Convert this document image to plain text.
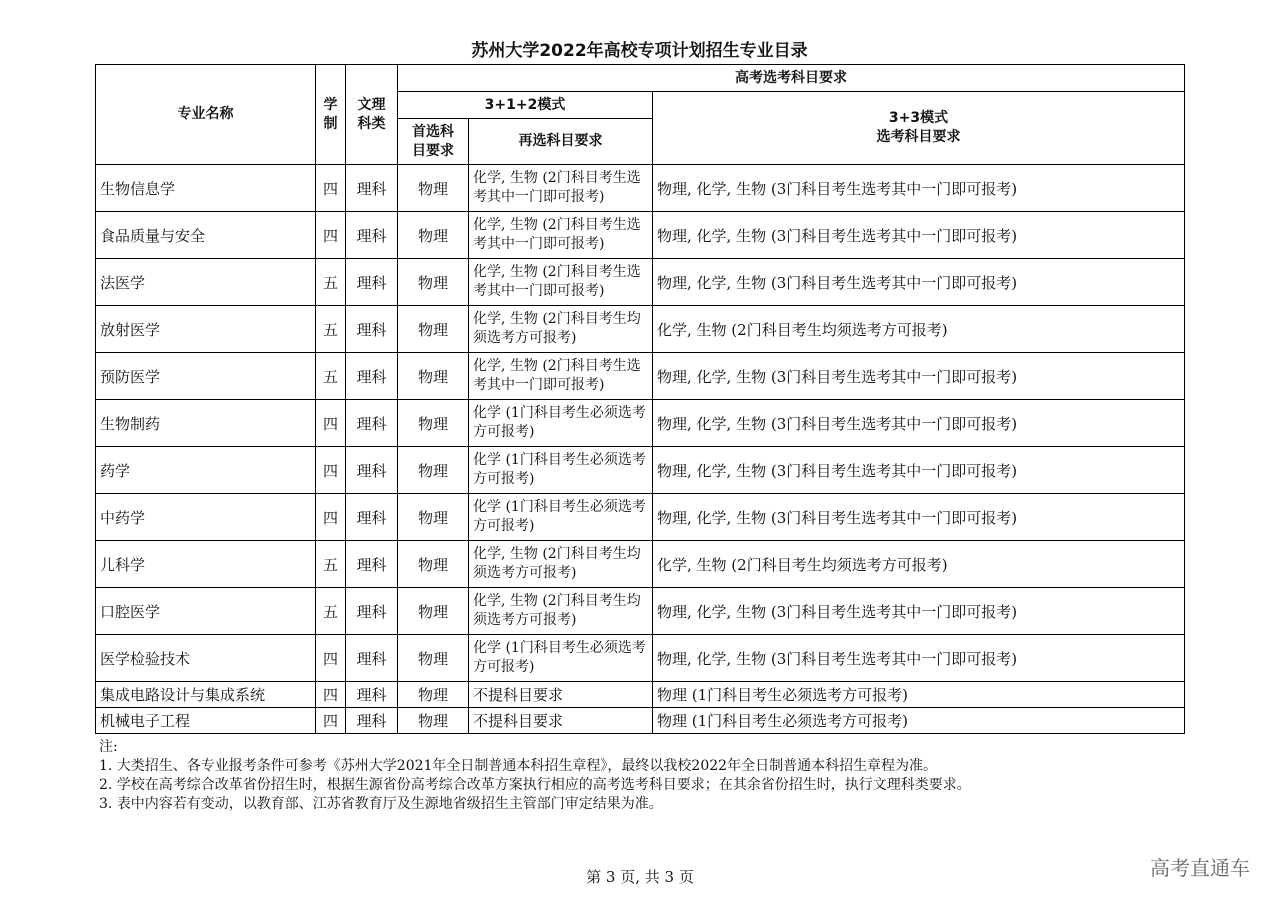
苏州大学2022年高校专项计划招生专业目录
专业名称	学制	文理科类	高考选考科目要求		
			3+1+2模式		3+3模式
选考科目要求

			首选科目要求	再选科目要求	
生物信息学	四	理科	物理	化学, 生物 (2门科目考生选考其中一门即可报考)	物理, 化学, 生物 (3门科目考生选考其中一门即可报考)
食品质量与安全	四	理科	物理	化学, 生物 (2门科目考生选考其中一门即可报考)	物理, 化学, 生物 (3门科目考生选考其中一门即可报考)
法医学	五	理科	物理	化学, 生物 (2门科目考生选考其中一门即可报考)	物理, 化学, 生物 (3门科目考生选考其中一门即可报考)
放射医学	五	理科	物理	化学, 生物 (2门科目考生均须选考方可报考)	化学, 生物 (2门科目考生均须选考方可报考)
预防医学	五	理科	物理	化学, 生物 (2门科目考生选考其中一门即可报考)	物理, 化学, 生物 (3门科目考生选考其中一门即可报考)
生物制药	四	理科	物理	化学 (1门科目考生必须选考方可报考)	物理, 化学, 生物 (3门科目考生选考其中一门即可报考)
药学	四	理科	物理	化学 (1门科目考生必须选考方可报考)	物理, 化学, 生物 (3门科目考生选考其中一门即可报考)
中药学	四	理科	物理	化学 (1门科目考生必须选考方可报考)	物理, 化学, 生物 (3门科目考生选考其中一门即可报考)
儿科学	五	理科	物理	化学, 生物 (2门科目考生均须选考方可报考)	化学, 生物 (2门科目考生均须选考方可报考)
口腔医学	五	理科	物理	化学, 生物 (2门科目考生均须选考方可报考)	物理, 化学, 生物 (3门科目考生选考其中一门即可报考)
医学检验技术	四	理科	物理	化学 (1门科目考生必须选考方可报考)	物理, 化学, 生物 (3门科目考生选考其中一门即可报考)
集成电路设计与集成系统	四	理科	物理	不提科目要求	物理 (1门科目考生必须选考方可报考)
机械电子工程	四	理科	物理	不提科目要求	物理 (1门科目考生必须选考方可报考)
注:
1. 大类招生、各专业报考条件可参考《苏州大学2021年全日制普通本科招生章程》，最终以我校2022年全日制普通本科招生章程为准。
2. 学校在高考综合改革省份招生时，根据生源省份高考综合改革方案执行相应的高考选考科目要求；在其余省份招生时，执行文理科类要求。
3. 表中内容若有变动，以教育部、江苏省教育厅及生源地省级招生主管部门审定结果为准。
第 3 页, 共 3 页	高考直通车
